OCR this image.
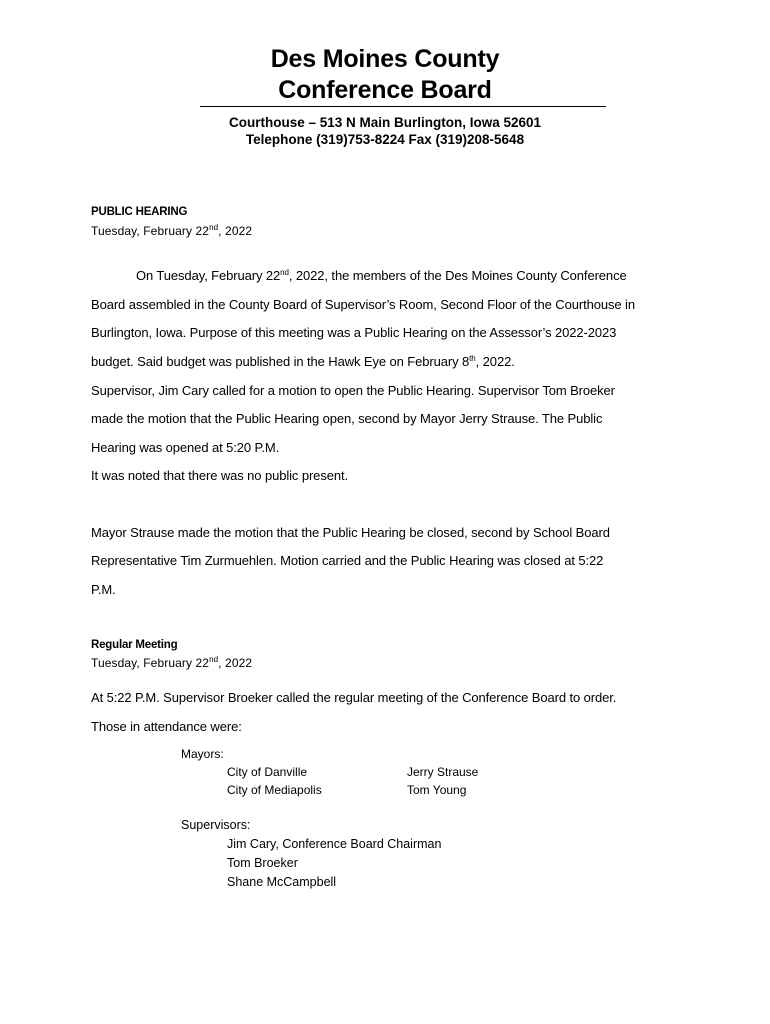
Des Moines County
Conference Board
Courthouse – 513 N Main Burlington, Iowa 52601
Telephone (319)753-8224 Fax (319)208-5648
PUBLIC HEARING
Tuesday, February 22nd, 2022
On Tuesday, February 22nd, 2022, the members of the Des Moines County Conference
Board assembled in the County Board of Supervisor’s Room, Second Floor of the Courthouse in
Burlington, Iowa. Purpose of this meeting was a Public Hearing on the Assessor’s 2022-2023
budget. Said budget was published in the Hawk Eye on February 8th, 2022.
Supervisor, Jim Cary called for a motion to open the Public Hearing. Supervisor Tom Broeker
made the motion that the Public Hearing open, second by Mayor Jerry Strause. The Public
Hearing was opened at 5:20 P.M.
It was noted that there was no public present.
Mayor Strause made the motion that the Public Hearing be closed, second by School Board
Representative Tim Zurmuehlen. Motion carried and the Public Hearing was closed at 5:22
P.M.
Regular Meeting
Tuesday, February 22nd, 2022
At 5:22 P.M. Supervisor Broeker called the regular meeting of the Conference Board to order.
Those in attendance were:
Mayors:
City of Danville	Jerry Strause
City of Mediapolis	Tom Young
Supervisors:
Jim Cary, Conference Board Chairman
Tom Broeker
Shane McCampbell
